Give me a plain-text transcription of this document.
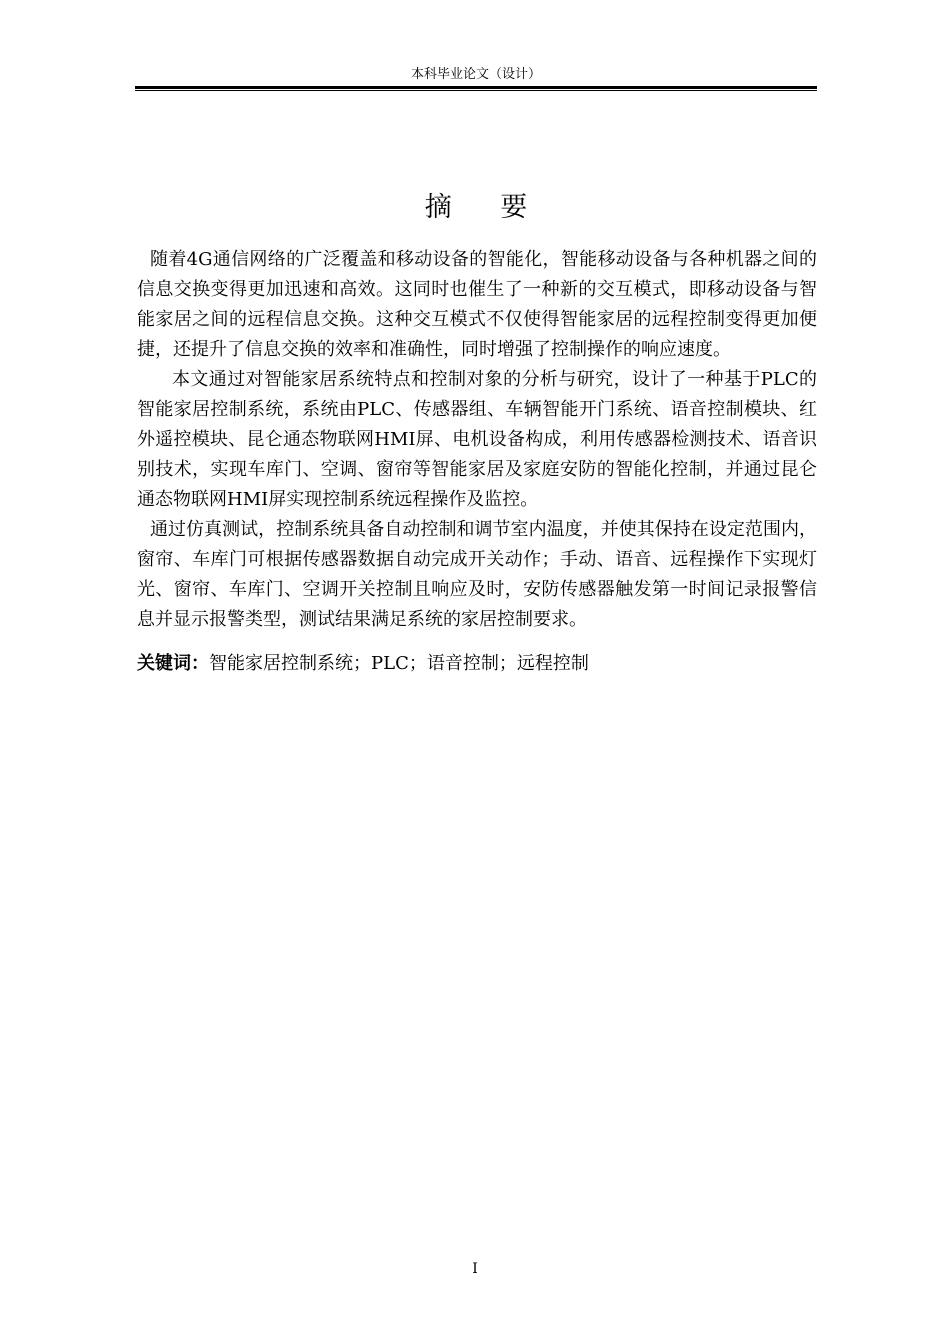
本科毕业论文（设计）
摘 要

随着4G通信网络的广泛覆盖和移动设备的智能化，智能移动设备与各种机器之间的信息交换变得更加迅速和高效。这同时也催生了一种新的交互模式，即移动设备与智能家居之间的远程信息交换。这种交互模式不仅使得智能家居的远程控制变得更加便捷，还提升了信息交换的效率和准确性，同时增强了控制操作的响应速度。

本文通过对智能家居系统特点和控制对象的分析与研究，设计了一种基于PLC的智能家居控制系统，系统由PLC、传感器组、车辆智能开门系统、语音控制模块、红外遥控模块、昆仑通态物联网HMI屏、电机设备构成，利用传感器检测技术、语音识别技术，实现车库门、空调、窗帘等智能家居及家庭安防的智能化控制，并通过昆仑通态物联网HMI屏实现控制系统远程操作及监控。

通过仿真测试，控制系统具备自动控制和调节室内温度，并使其保持在设定范围内，窗帘、车库门可根据传感器数据自动完成开关动作；手动、语音、远程操作下实现灯光、窗帘、车库门、空调开关控制且响应及时，安防传感器触发第一时间记录报警信息并显示报警类型，测试结果满足系统的家居控制要求。

关键词：智能家居控制系统；PLC；语音控制；远程控制

I
